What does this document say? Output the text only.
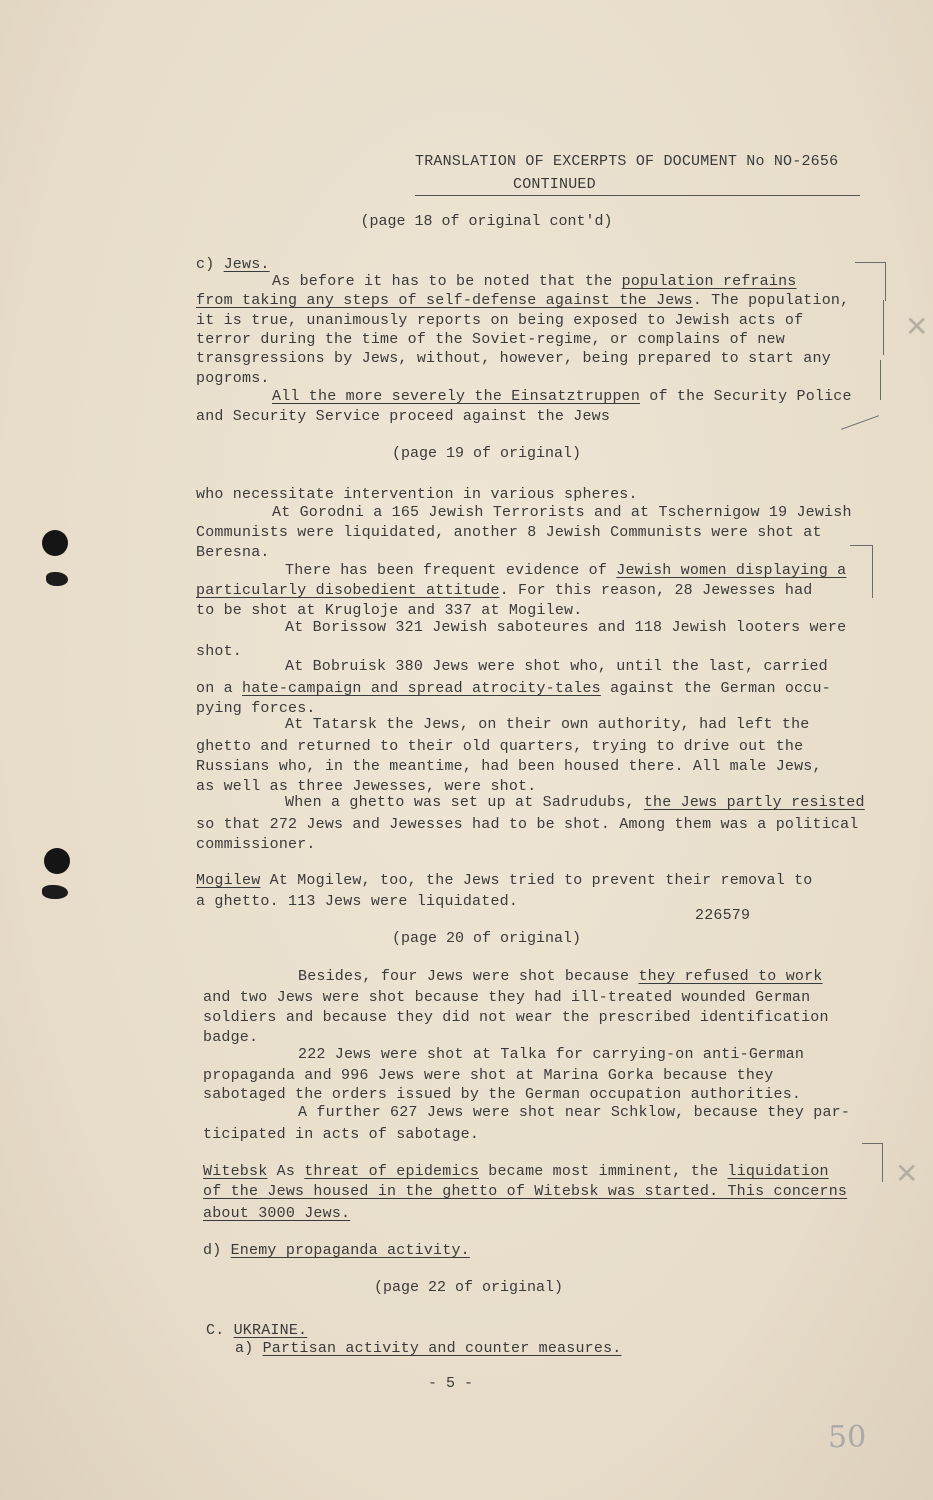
TRANSLATION OF EXCERPTS OF DOCUMENT No NO-2656
CONTINUED
(page 18 of original cont'd)
c) Jews.
As before it has to be noted that the population refrains
from taking any steps of self-defense against the Jews. The population,
it is true, unanimously reports on being exposed to Jewish acts of
terror during the time of the Soviet-regime, or complains of new
transgressions by Jews, without, however, being prepared to start any
pogroms.
All the more severely the Einsatztruppen of the Security Police
and Security Service proceed against the Jews
(page 19 of original)
who necessitate intervention in various spheres.
At Gorodni a 165 Jewish Terrorists and at Tschernigow 19 Jewish
Communists were liquidated, another 8 Jewish Communists were shot at
Beresna.
There has been frequent evidence of Jewish women displaying a
particularly disobedient attitude. For this reason, 28 Jewesses had
to be shot at Krugloje and 337 at Mogilew.
At Borissow 321 Jewish saboteures and 118 Jewish looters were
shot.
At Bobruisk 380 Jews were shot who, until the last, carried
on a hate-campaign and spread atrocity-tales against the German occu-
pying forces.
At Tatarsk the Jews, on their own authority, had left the
ghetto and returned to their old quarters, trying to drive out the
Russians who, in the meantime, had been housed there. All male Jews,
as well as three Jewesses, were shot.
When a ghetto was set up at Sadrudubs, the Jews partly resisted
so that 272 Jews and Jewesses had to be shot. Among them was a political
commissioner.
Mogilew At Mogilew, too, the Jews tried to prevent their removal to
a ghetto. 113 Jews were liquidated.
226579
(page 20 of original)
Besides, four Jews were shot because they refused to work
and two Jews were shot because they had ill-treated wounded German
soldiers and because they did not wear the prescribed identification
badge.
222 Jews were shot at Talka for carrying-on anti-German
propaganda and 996 Jews were shot at Marina Gorka because they
sabotaged the orders issued by the German occupation authorities.
A further 627 Jews were shot near Schklow, because they par-
ticipated in acts of sabotage.
Witebsk As threat of epidemics became most imminent, the liquidation
of the Jews housed in the ghetto of Witebsk was started. This concerns
about 3000 Jews.
d) Enemy propaganda activity.
(page 22 of original)
C. UKRAINE.
a) Partisan activity and counter measures.
- 5 -
50
✕
✕
